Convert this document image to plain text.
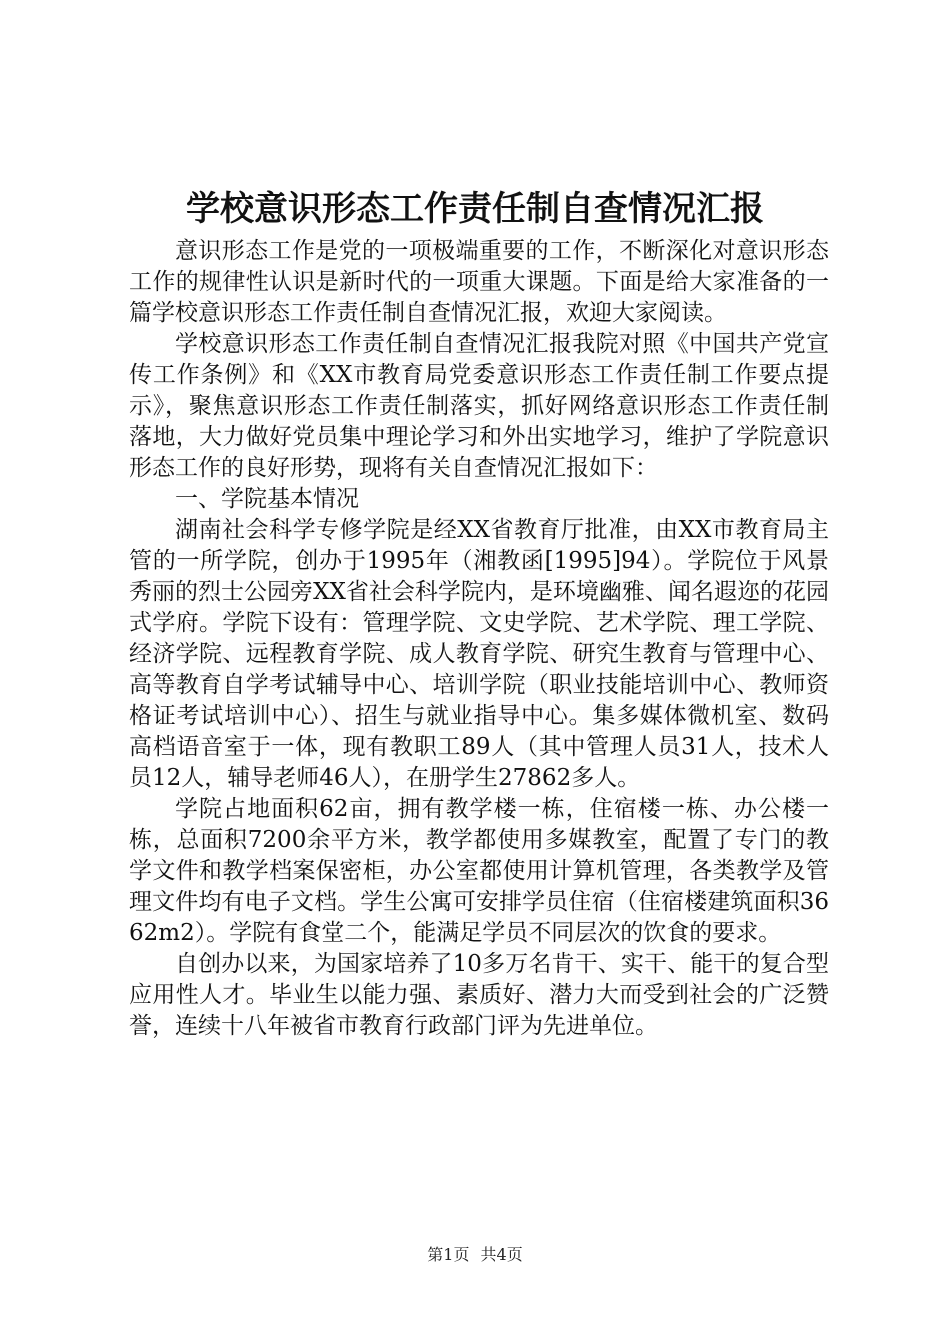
学校意识形态工作责任制自查情况汇报

意识形态工作是党的一项极端重要的工作，不断深化对意识形态工作的规律性认识是新时代的一项重大课题。下面是给大家准备的一篇学校意识形态工作责任制自查情况汇报，欢迎大家阅读。

学校意识形态工作责任制自查情况汇报我院对照《中国共产党宣传工作条例》和《XX市教育局党委意识形态工作责任制工作要点提示》，聚焦意识形态工作责任制落实，抓好网络意识形态工作责任制落地，大力做好党员集中理论学习和外出实地学习，维护了学院意识形态工作的良好形势，现将有关自查情况汇报如下：

一、学院基本情况

湖南社会科学专修学院是经XX省教育厅批准，由XX市教育局主管的一所学院，创办于1995年（湘教函[1995]94）。学院位于风景秀丽的烈士公园旁XX省社会科学院内，是环境幽雅、闻名遐迩的花园式学府。学院下设有：管理学院、文史学院、艺术学院、理工学院、经济学院、远程教育学院、成人教育学院、研究生教育与管理中心、高等教育自学考试辅导中心、培训学院（职业技能培训中心、教师资格证考试培训中心）、招生与就业指导中心。集多媒体微机室、数码高档语音室于一体，现有教职工89人（其中管理人员31人，技术人员12人，辅导老师46人），在册学生27862多人。

学院占地面积62亩，拥有教学楼一栋，住宿楼一栋、办公楼一栋，总面积7200余平方米，教学都使用多媒教室，配置了专门的教学文件和教学档案保密柜，办公室都使用计算机管理，各类教学及管理文件均有电子文档。学生公寓可安排学员住宿（住宿楼建筑面积3662m2）。学院有食堂二个，能满足学员不同层次的饮食的要求。

自创办以来，为国家培养了10多万名肯干、实干、能干的复合型应用性人才。毕业生以能力强、素质好、潜力大而受到社会的广泛赞誉，连续十八年被省市教育行政部门评为先进单位。

第1页 共4页
